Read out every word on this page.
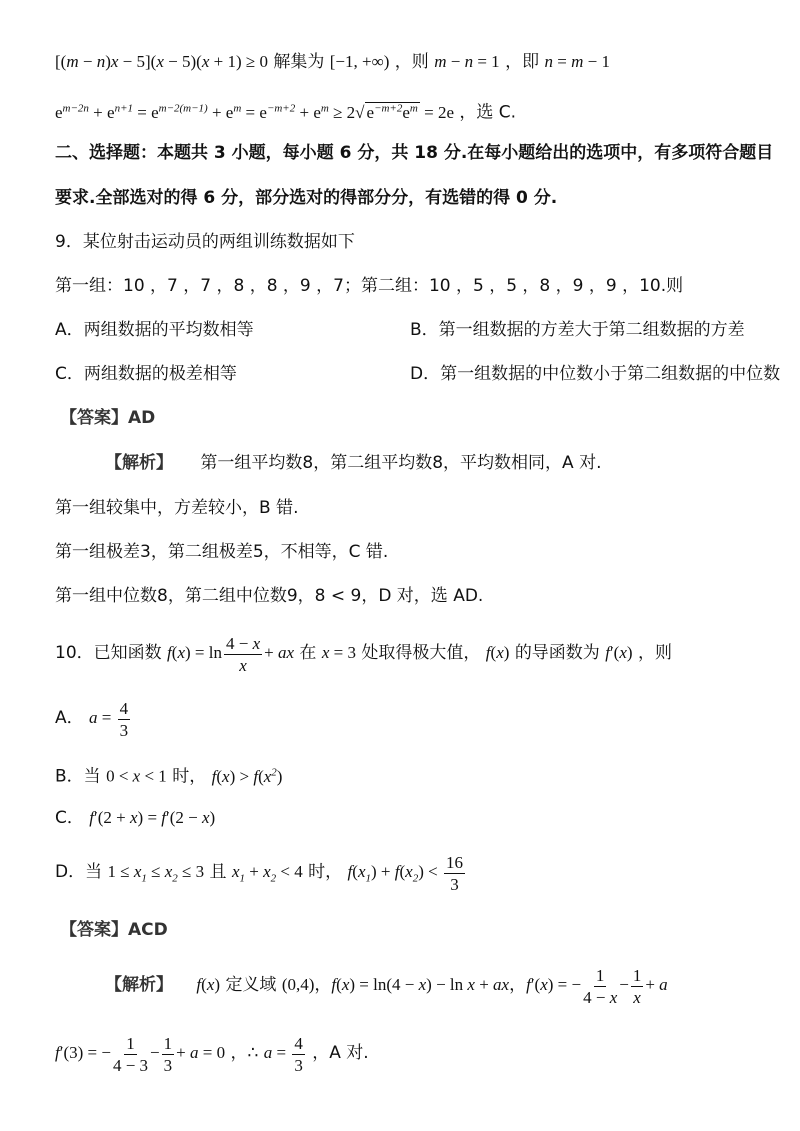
[(m − n)x − 5](x − 5)(x + 1) ≥ 0 解集为 [−1, +∞) ，则 m − n = 1 ，即 n = m − 1
$e^{m-2n} + e^{n+1} = e^{m-2(m-1)} + e^m = e^{-m+2} + e^m \ge 2√$ $e^{-m+2}e^m = 2e$ ，选 C.
二、选择题：本题共 3 小题，每小题 6 分，共 18 分.在每小题给出的选项中，有多项符合题目
要求.全部选对的得 6 分，部分选对的得部分分，有选错的得 0 分.
9．某位射击运动员的两组训练数据如下
第一组：10 ，7 ，7 ，8 ，8 ，9 ，7；第二组：10 ，5 ，5 ，8 ，9 ，9 ，10.则
A．两组数据的平均数相等	B．第一组数据的方差大于第二组数据的方差
C．两组数据的极差相等	D．第一组数据的中位数小于第二组数据的中位数
【答案】AD
【解析】 第一组平均数8，第二组平均数8，平均数相同，A 对.
第一组较集中，方差较小，B 错.
第一组极差3，第二组极差5，不相等，C 错.
第一组中位数8，第二组中位数9，8 < 9，D 对，选 AD.
10．已知函数 $f(x) = \ln \frac{4 - x}{x}$ + ax 在 x = 3 处取得极大值， f(x) 的导函数为 f′(x) ，则
A． $a = \frac{4}{3}$
B．当 0 < x < 1 时， $f(x) > f(x^2)$
C． f′(2 + x) = f′(2 − x)
D．当 $1 \le x_1 \le x_2 \le 3$ 且 $x_1 + x_2 < 4$ 时， $f(x_1) + f(x_2) < \frac{16}{3}$
【答案】ACD
【解析】 f(x) 定义域 (0,4)，f(x) = ln(4 − x) − ln x + ax，f′(x) = − $\frac{1}{4 - x} - \frac{1}{x} + a$
f′(3) = − $\frac{1}{4 - 3} - \frac{1}{3} + a = 0$ ，∴ $a = \frac{4}{3}$ ，A 对.
